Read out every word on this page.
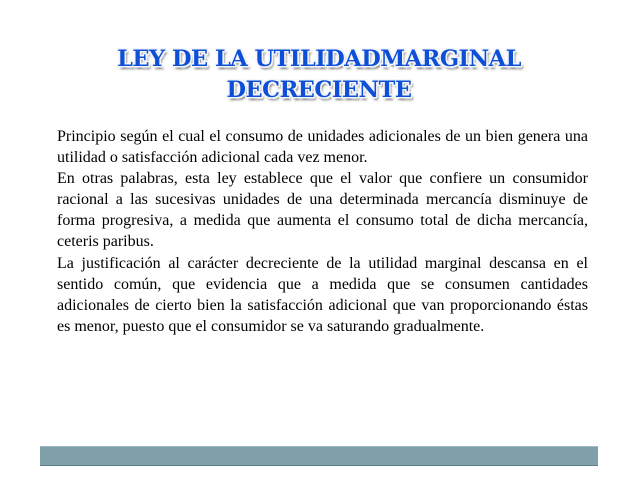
LEY DE LA UTILIDADMARGINAL
DECRECIENTE

Principio según el cual el consumo de unidades adicionales de un bien genera una utilidad o satisfacción adicional cada vez menor.

En otras palabras, esta ley establece que el valor que confiere un consumidor racional a las sucesivas unidades de una determinada mercancía disminuye de forma progresiva, a medida que aumenta el consumo total de dicha mercancía, ceteris paribus.

La justificación al carácter decreciente de la utilidad marginal descansa en el sentido común, que evidencia que a medida que se consumen cantidades adicionales de cierto bien la satisfacción adicional que van proporcionando éstas es menor, puesto que el consumidor se va saturando gradualmente.
